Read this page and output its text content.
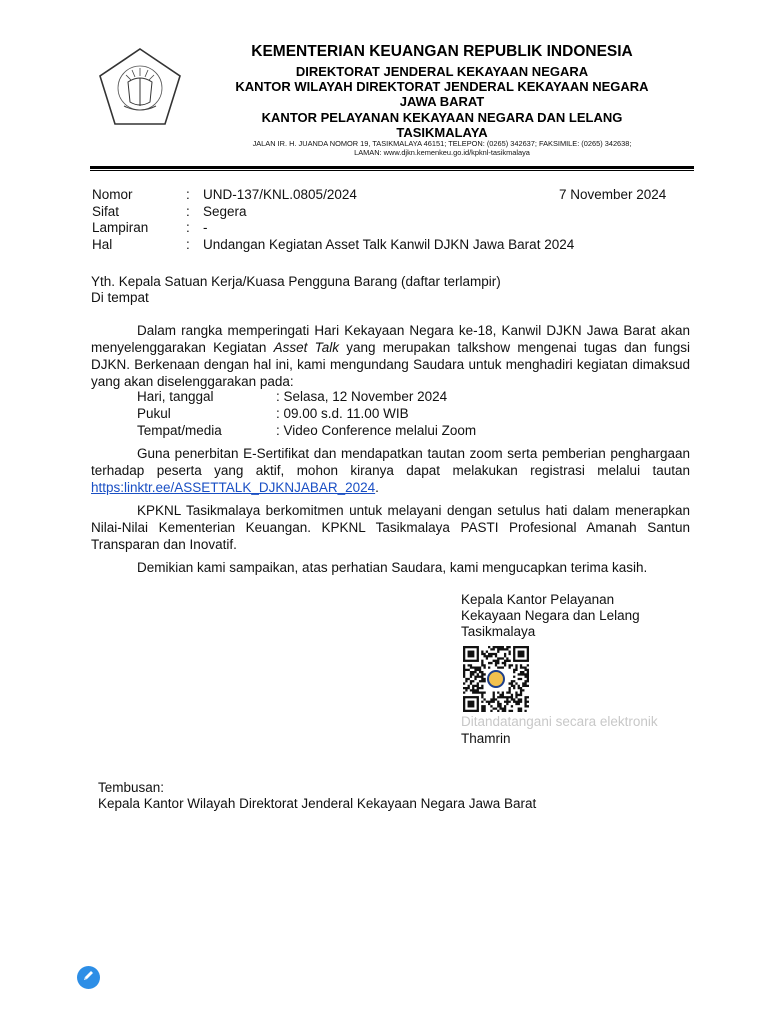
KEMENTERIAN KEUANGAN REPUBLIK INDONESIA
DIREKTORAT JENDERAL KEKAYAAN NEGARA
KANTOR WILAYAH DIREKTORAT JENDERAL KEKAYAAN NEGARA
JAWA BARAT
KANTOR PELAYANAN KEKAYAAN NEGARA DAN LELANG
TASIKMALAYA
JALAN IR. H. JUANDA NOMOR 19, TASIKMALAYA 46151; TELEPON: (0265) 342637; FAKSIMILE: (0265) 342638;
LAMAN: www.djkn.kemenkeu.go.id/kpknl-tasikmalaya
Nomor	: UND-137/KNL.0805/2024	7 November 2024
Sifat	: Segera
Lampiran	: -
Hal	: Undangan Kegiatan Asset Talk Kanwil DJKN Jawa Barat 2024
Yth. Kepala Satuan Kerja/Kuasa Pengguna Barang (daftar terlampir)
Di tempat
Dalam rangka memperingati Hari Kekayaan Negara ke-18, Kanwil DJKN Jawa Barat akan menyelenggarakan Kegiatan Asset Talk yang merupakan talkshow mengenai tugas dan fungsi DJKN. Berkenaan dengan hal ini, kami mengundang Saudara untuk menghadiri kegiatan dimaksud yang akan diselenggarakan pada:
Hari, tanggal	: Selasa, 12 November 2024
Pukul	: 09.00 s.d. 11.00 WIB
Tempat/media	: Video Conference melalui Zoom
Guna penerbitan E-Sertifikat dan mendapatkan tautan zoom serta pemberian penghargaan terhadap peserta yang aktif, mohon kiranya dapat melakukan registrasi melalui tautan https:linktr.ee/ASSETTALK_DJKNJABAR_2024.
KPKNL Tasikmalaya berkomitmen untuk melayani dengan setulus hati dalam menerapkan Nilai-Nilai Kementerian Keuangan. KPKNL Tasikmalaya PASTI Profesional Amanah Santun Transparan dan Inovatif.
Demikian kami sampaikan, atas perhatian Saudara, kami mengucapkan terima kasih.
Kepala Kantor Pelayanan
Kekayaan Negara dan Lelang
Tasikmalaya
Ditandatangani secara elektronik
Thamrin
Tembusan:
Kepala Kantor Wilayah Direktorat Jenderal Kekayaan Negara Jawa Barat
